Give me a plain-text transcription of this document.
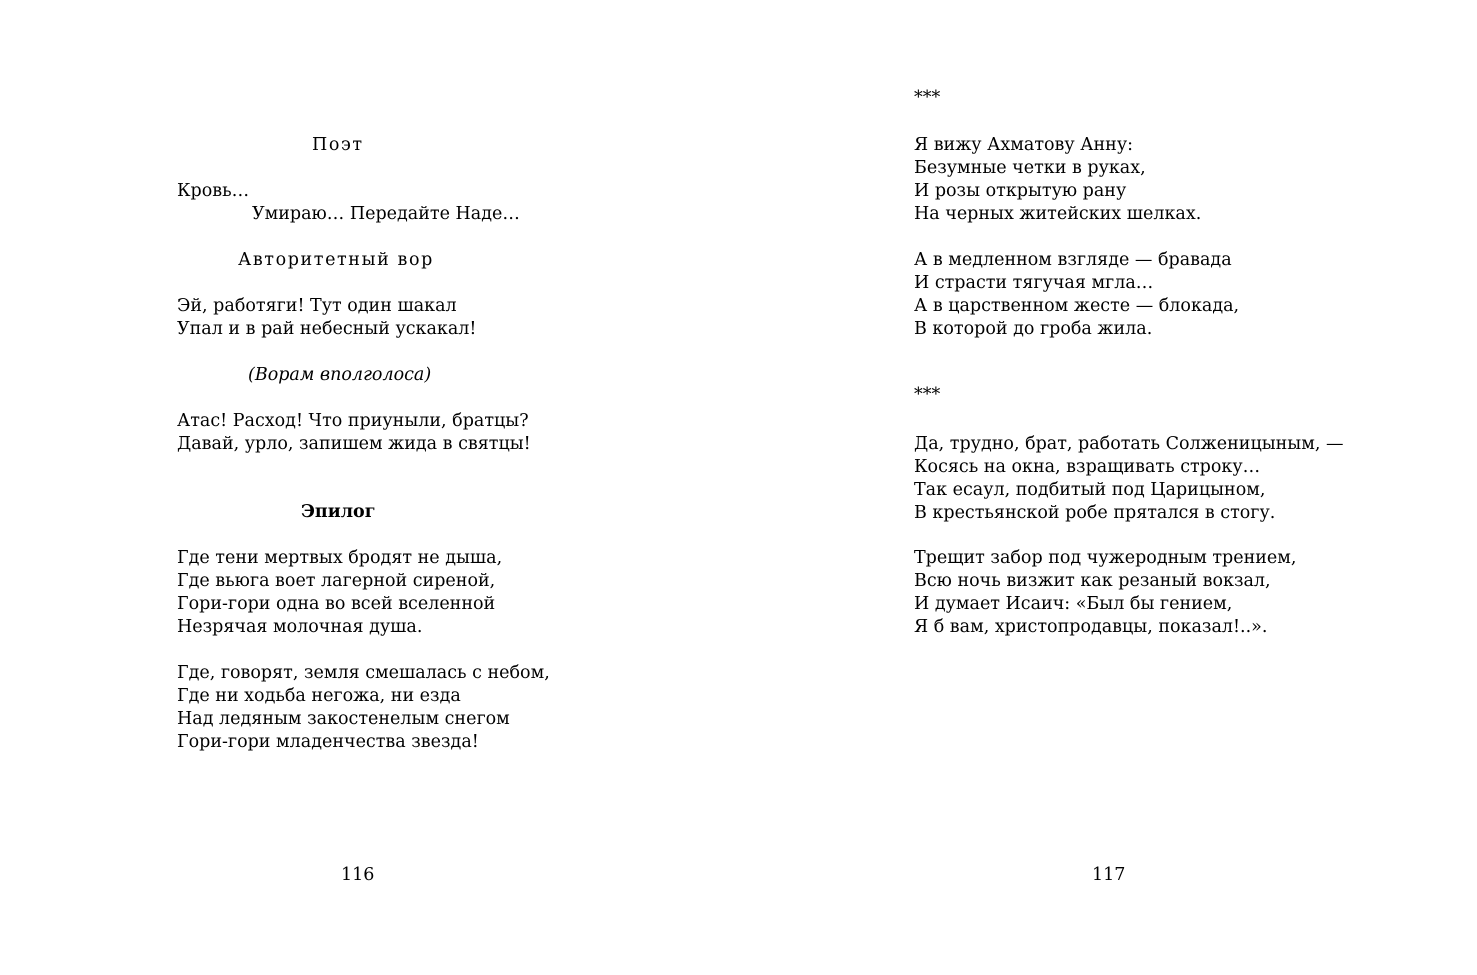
Поэт

Кровь…

Умираю… Передайте Наде…

Авторитетный вор

Эй, работяги! Тут один шакал

Упал и в рай небесный ускакал!

(Ворам вполголоса)

Атас! Расход! Что приуныли, братцы?

Давай, урло, запишем жида в святцы!

Эпилог

Где тени мертвых бродят не дыша,

Где вьюга воет лагерной сиреной,

Гори-гори одна во всей вселенной

Незрячая молочная душа.

Где, говорят, земля смешалась с небом,

Где ни ходьба негожа, ни езда

Над ледяным закостенелым снегом

Гори-гори младенчества звезда!

116

***

Я вижу Ахматову Анну:

Безумные четки в руках,

И розы открытую рану

На черных житейских шелках.

А в медленном взгляде — бравада

И страсти тягучая мгла…

А в царственном жесте — блокада,

В которой до гроба жила.

***

Да, трудно, брат, работать Солженицыным, —

Косясь на окна, взращивать строку…

Так есаул, подбитый под Царицыном,

В крестьянской робе прятался в стогу.

Трещит забор под чужеродным трением,

Всю ночь визжит как резаный вокзал,

И думает Исаич: «Был бы гением,

Я б вам, христопродавцы, показал!..».

117
